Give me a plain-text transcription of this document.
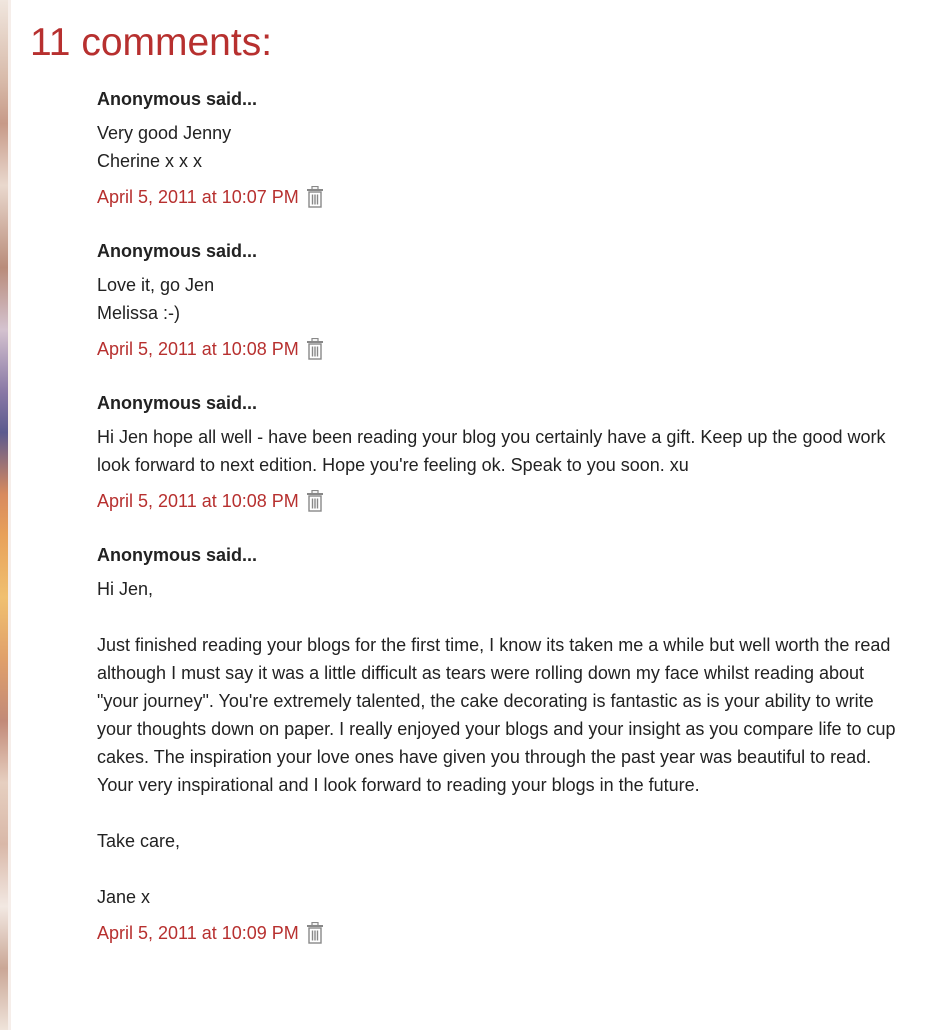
11 comments:
Anonymous said...

Very good Jenny

Cherine x x x

April 5, 2011 at 10:07 PM
Anonymous said...

Love it, go Jen

Melissa :-)

April 5, 2011 at 10:08 PM
Anonymous said...

Hi Jen hope all well - have been reading your blog you certainly have a gift. Keep up the good work look forward to next edition. Hope you're feeling ok. Speak to you soon. xu

April 5, 2011 at 10:08 PM
Anonymous said...

Hi Jen,

Just finished reading your blogs for the first time, I know its taken me a while but well worth the read although I must say it was a little difficult as tears were rolling down my face whilst reading about "your journey". You're extremely talented, the cake decorating is fantastic as is your ability to write your thoughts down on paper. I really enjoyed your blogs and your insight as you compare life to cup cakes. The inspiration your love ones have given you through the past year was beautiful to read. Your very inspirational and I look forward to reading your blogs in the future.

Take care,

Jane x

April 5, 2011 at 10:09 PM
